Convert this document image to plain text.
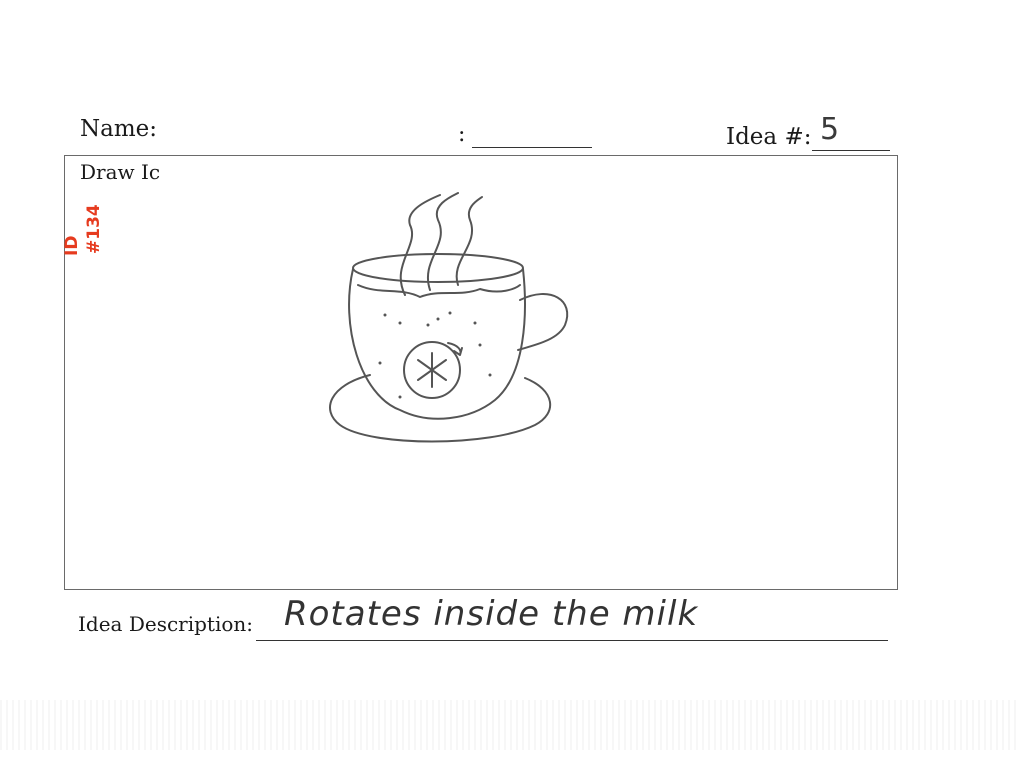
Name:	:	Idea #: 5
Draw Ic
ID #134
Idea Description: Rotates inside the milk
